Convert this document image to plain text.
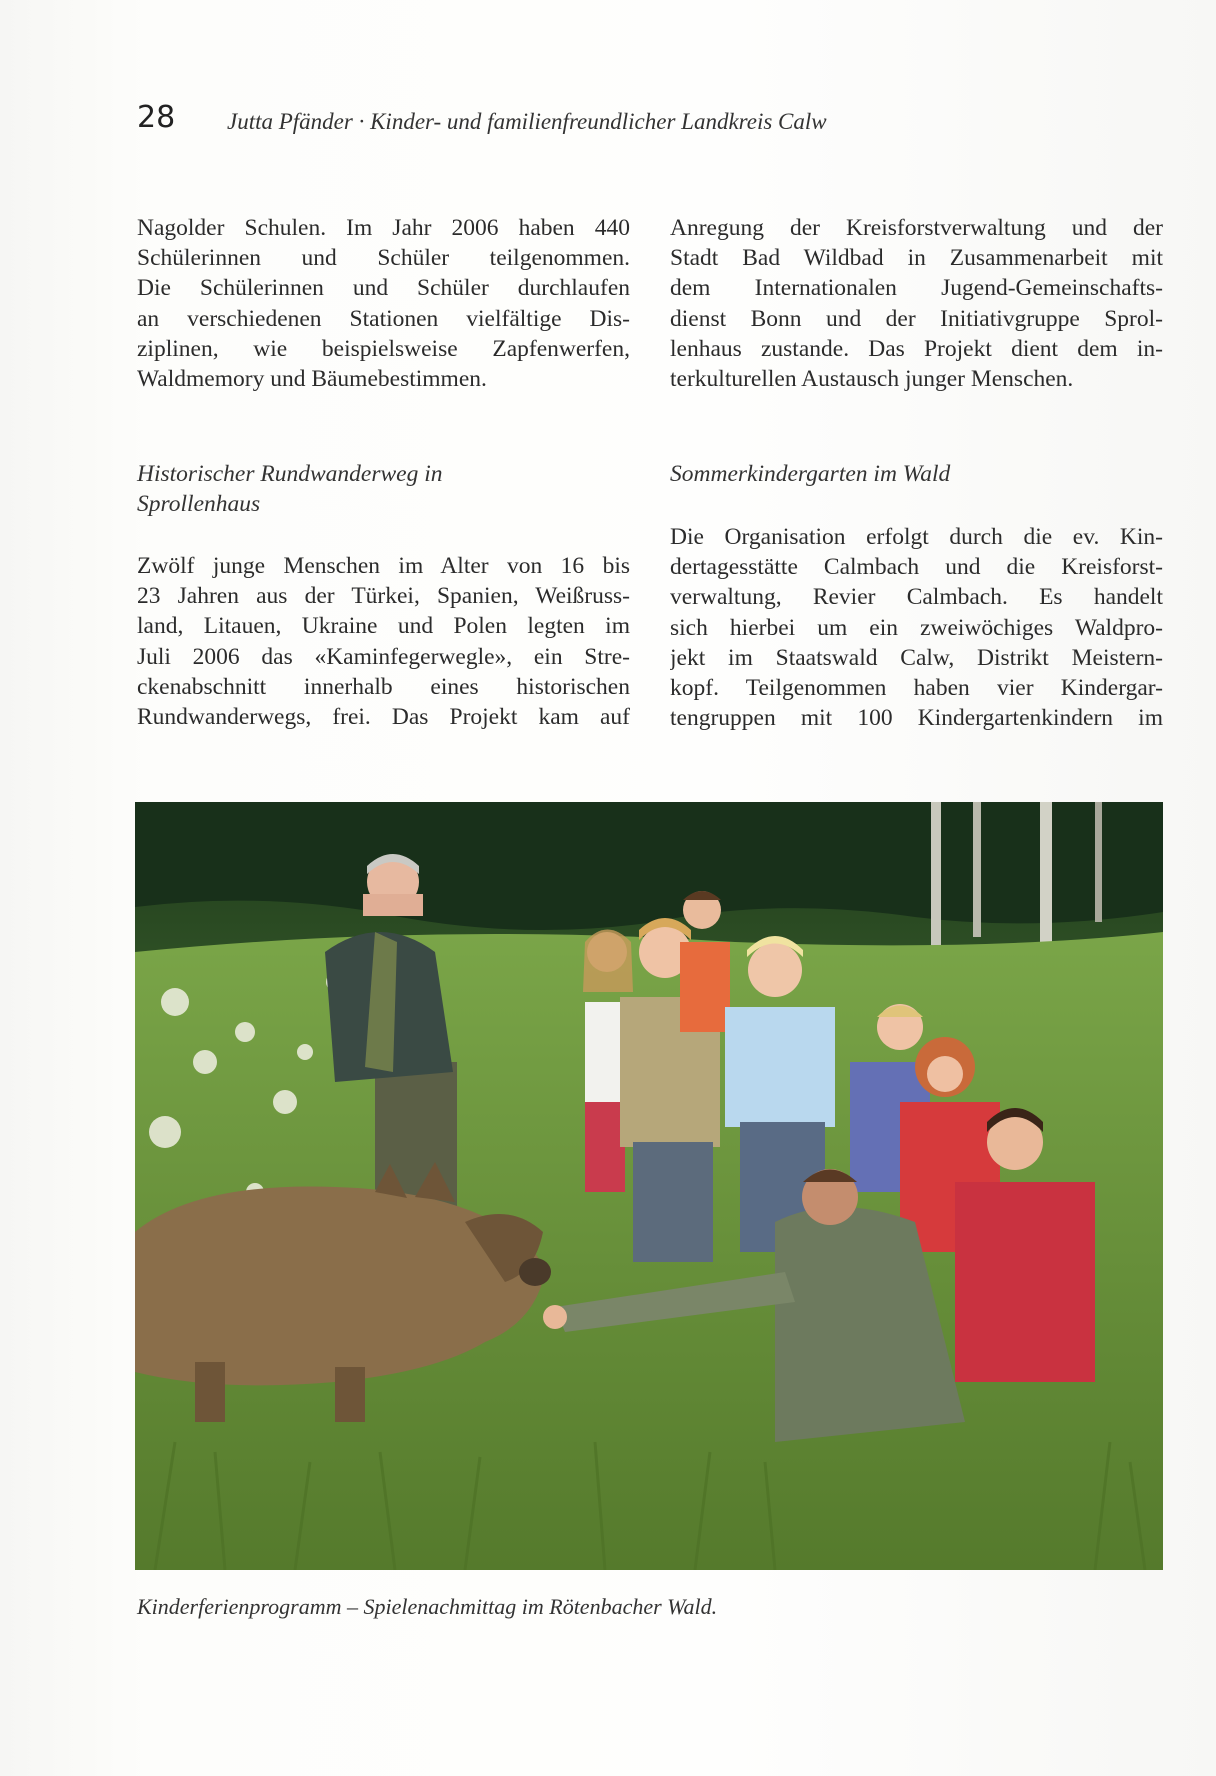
28 Jutta Pfänder · Kinder- und familienfreundlicher Landkreis Calw
Nagolder Schulen. Im Jahr 2006 haben 440
Schülerinnen und Schüler teilgenommen.
Die Schülerinnen und Schüler durchlaufen
an verschiedenen Stationen vielfältige Dis-
ziplinen, wie beispielsweise Zapfenwerfen,
Waldmemory und Bäumebestimmen.
Historischer Rundwanderweg in
Sprollenhaus
Zwölf junge Menschen im Alter von 16 bis
23 Jahren aus der Türkei, Spanien, Weißruss-
land, Litauen, Ukraine und Polen legten im
Juli 2006 das «Kaminfegerwegle», ein Stre-
ckenabschnitt innerhalb eines historischen
Rundwanderwegs, frei. Das Projekt kam auf
Anregung der Kreisforstverwaltung und der
Stadt Bad Wildbad in Zusammenarbeit mit
dem Internationalen Jugend-Gemeinschafts-
dienst Bonn und der Initiativgruppe Sprol-
lenhaus zustande. Das Projekt dient dem in-
terkulturellen Austausch junger Menschen.
Sommerkindergarten im Wald
Die Organisation erfolgt durch die ev. Kin-
dertagesstätte Calmbach und die Kreisforst-
verwaltung, Revier Calmbach. Es handelt
sich hierbei um ein zweiwöchiges Waldpro-
jekt im Staatswald Calw, Distrikt Meistern-
kopf. Teilgenommen haben vier Kindergar-
tengruppen mit 100 Kindergartenkindern im
Kinderferienprogramm – Spielenachmittag im Rötenbacher Wald.
